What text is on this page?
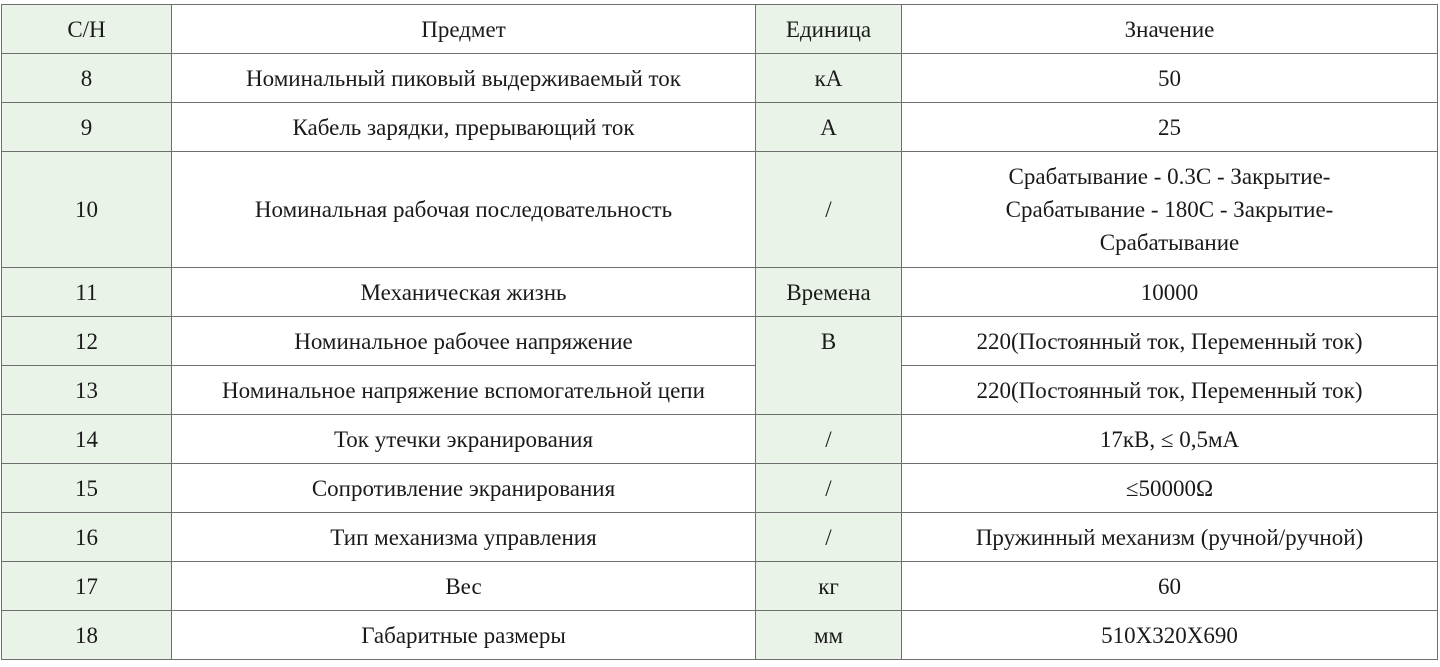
С/Н	Предмет	Единица	Значение
8	Номинальный пиковый выдерживаемый ток	кА	50
9	Кабель зарядки, прерывающий ток	А	25
10	Номинальная рабочая последовательность	/	Срабатывание - 0.3С - Закрытие-
Срабатывание - 180С - Закрытие-
Срабатывание

11	Механическая жизнь	Времена	10000
12	Номинальное рабочее напряжение	В	220(Постоянный ток, Переменный ток)
13	Номинальное напряжение вспомогательной цепи		220(Постоянный ток, Переменный ток)
14	Ток утечки экранирования	/	17кВ, ≤ 0,5мА
15	Сопротивление экранирования	/	≤50000Ω
16	Тип механизма управления	/	Пружинный механизм (ручной/ручной)
17	Вес	кг	60
18	Габаритные размеры	мм	510Х320Х690
